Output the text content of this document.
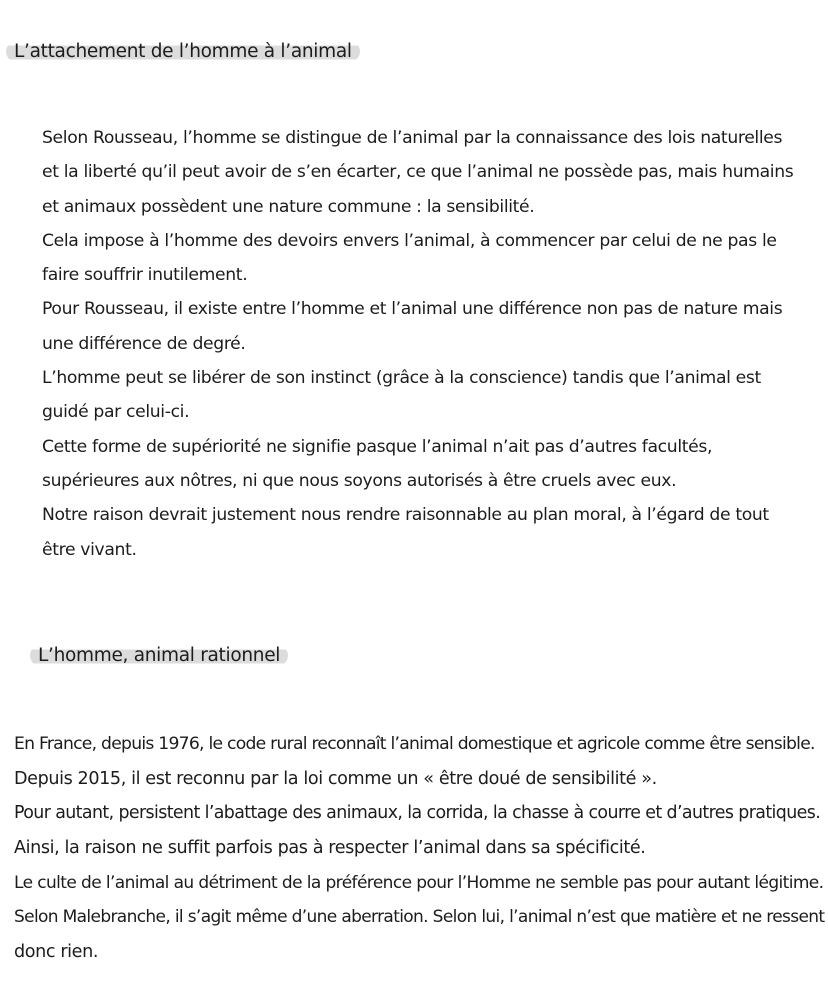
L’attachement de l’homme à l’animal
Selon Rousseau, l’homme se distingue de l’animal par la connaissance des lois naturelles
et la liberté qu’il peut avoir de s’en écarter, ce que l’animal ne possède pas, mais humains
et animaux possèdent une nature commune : la sensibilité.
Cela impose à l’homme des devoirs envers l’animal, à commencer par celui de ne pas le
faire souffrir inutilement.
Pour Rousseau, il existe entre l’homme et l’animal une différence non pas de nature mais
une différence de degré.
L’homme peut se libérer de son instinct (grâce à la conscience) tandis que l’animal est
guidé par celui-ci.
Cette forme de supériorité ne signifie pasque l’animal n’ait pas d’autres facultés,
supérieures aux nôtres, ni que nous soyons autorisés à être cruels avec eux.
Notre raison devrait justement nous rendre raisonnable au plan moral, à l’égard de tout
être vivant.
L’homme, animal rationnel
En France, depuis 1976, le code rural reconnaît l’animal domestique et agricole comme être sensible.
Depuis 2015, il est reconnu par la loi comme un « être doué de sensibilité ».
Pour autant, persistent l’abattage des animaux, la corrida, la chasse à courre et d’autres pratiques.
Ainsi, la raison ne suffit parfois pas à respecter l’animal dans sa spécificité.
Le culte de l’animal au détriment de la préférence pour l’Homme ne semble pas pour autant légitime.
Selon Malebranche, il s’agit même d’une aberration. Selon lui, l’animal n’est que matière et ne ressent
donc rien.
